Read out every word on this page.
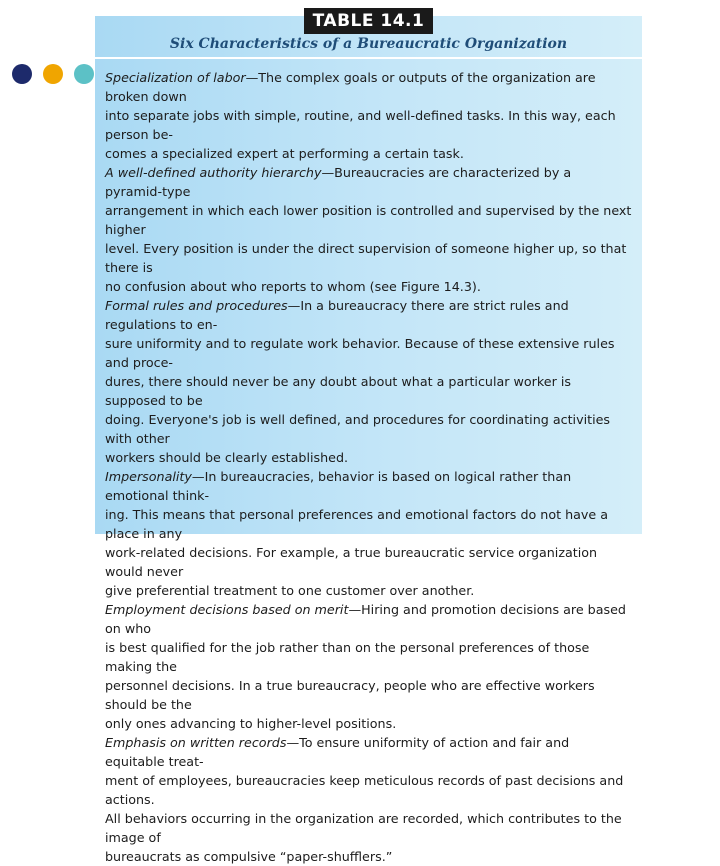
TABLE 14.1
Six Characteristics of a Bureaucratic Organization
Specialization of labor—The complex goals or outputs of the organization are broken down
into separate jobs with simple, routine, and well-defined tasks. In this way, each person be-
comes a specialized expert at performing a certain task.
A well-defined authority hierarchy—Bureaucracies are characterized by a pyramid-type
arrangement in which each lower position is controlled and supervised by the next higher
level. Every position is under the direct supervision of someone higher up, so that there is
no confusion about who reports to whom (see Figure 14.3).
Formal rules and procedures—In a bureaucracy there are strict rules and regulations to en-
sure uniformity and to regulate work behavior. Because of these extensive rules and proce-
dures, there should never be any doubt about what a particular worker is supposed to be
doing. Everyone's job is well defined, and procedures for coordinating activities with other
workers should be clearly established.
Impersonality—In bureaucracies, behavior is based on logical rather than emotional think-
ing. This means that personal preferences and emotional factors do not have a place in any
work-related decisions. For example, a true bureaucratic service organization would never
give preferential treatment to one customer over another.
Employment decisions based on merit—Hiring and promotion decisions are based on who
is best qualified for the job rather than on the personal preferences of those making the
personnel decisions. In a true bureaucracy, people who are effective workers should be the
only ones advancing to higher-level positions.
Emphasis on written records—To ensure uniformity of action and fair and equitable treat-
ment of employees, bureaucracies keep meticulous records of past decisions and actions.
All behaviors occurring in the organization are recorded, which contributes to the image of
bureaucrats as compulsive “paper-shufflers.”
